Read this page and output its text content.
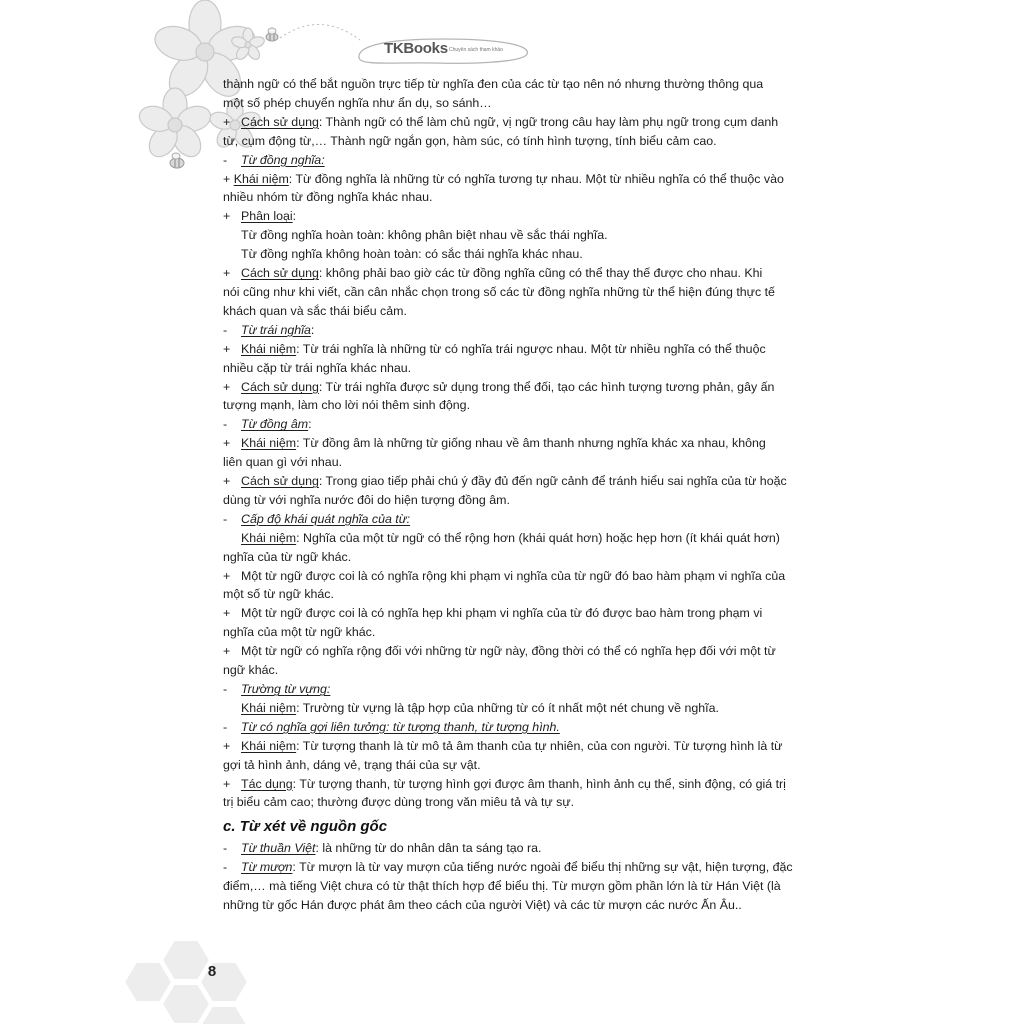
TKBooks Chuyên sách tham khảo
thành ngữ có thể bắt nguồn trực tiếp từ nghĩa đen của các từ tạo nên nó nhưng thường thông qua
một số phép chuyển nghĩa như ẩn dụ, so sánh…
+ Cách sử dụng: Thành ngữ có thể làm chủ ngữ, vị ngữ trong câu hay làm phụ ngữ trong cụm danh
từ, cụm động từ,… Thành ngữ ngắn gọn, hàm súc, có tính hình tượng, tính biểu cảm cao.
- Từ đồng nghĩa:
+ Khái niệm: Từ đồng nghĩa là những từ có nghĩa tương tự nhau. Một từ nhiều nghĩa có thể thuộc vào
nhiều nhóm từ đồng nghĩa khác nhau.
+ Phân loại:
Từ đồng nghĩa hoàn toàn: không phân biệt nhau về sắc thái nghĩa.
Từ đồng nghĩa không hoàn toàn: có sắc thái nghĩa khác nhau.
+ Cách sử dụng: không phải bao giờ các từ đồng nghĩa cũng có thể thay thế được cho nhau. Khi
nói cũng như khi viết, cần cân nhắc chọn trong số các từ đồng nghĩa những từ thể hiện đúng thực tế
khách quan và sắc thái biểu cảm.
- Từ trái nghĩa:
+ Khái niệm: Từ trái nghĩa là những từ có nghĩa trái ngược nhau. Một từ nhiều nghĩa có thể thuộc
nhiều cặp từ trái nghĩa khác nhau.
+ Cách sử dụng: Từ trái nghĩa được sử dụng trong thể đối, tạo các hình tượng tương phản, gây ấn
tượng mạnh, làm cho lời nói thêm sinh động.
- Từ đồng âm:
+ Khái niệm: Từ đồng âm là những từ giống nhau về âm thanh nhưng nghĩa khác xa nhau, không
liên quan gì với nhau.
+ Cách sử dụng: Trong giao tiếp phải chú ý đầy đủ đến ngữ cảnh để tránh hiểu sai nghĩa của từ hoặc
dùng từ với nghĩa nước đôi do hiện tượng đồng âm.
- Cấp độ khái quát nghĩa của từ:
Khái niệm: Nghĩa của một từ ngữ có thể rộng hơn (khái quát hơn) hoặc hẹp hơn (ít khái quát hơn)
nghĩa của từ ngữ khác.
+ Một từ ngữ được coi là có nghĩa rộng khi phạm vi nghĩa của từ ngữ đó bao hàm phạm vi nghĩa của
một số từ ngữ khác.
+ Một từ ngữ được coi là có nghĩa hẹp khi phạm vi nghĩa của từ đó được bao hàm trong phạm vi
nghĩa của một từ ngữ khác.
+ Một từ ngữ có nghĩa rộng đối với những từ ngữ này, đồng thời có thể có nghĩa hẹp đối với một từ
ngữ khác.
- Trường từ vựng:
Khái niệm: Trường từ vựng là tập hợp của những từ có ít nhất một nét chung về nghĩa.
- Từ có nghĩa gợi liên tưởng: từ tượng thanh, từ tượng hình.
+ Khái niệm: Từ tượng thanh là từ mô tả âm thanh của tự nhiên, của con người. Từ tượng hình là từ
gợi tả hình ảnh, dáng vẻ, trạng thái của sự vật.
+ Tác dụng: Từ tượng thanh, từ tượng hình gợi được âm thanh, hình ảnh cụ thể, sinh động, có giá trị
trị biểu cảm cao; thường được dùng trong văn miêu tả và tự sự.
c. Từ xét về nguồn gốc
- Từ thuần Việt: là những từ do nhân dân ta sáng tạo ra.
- Từ mượn: Từ mượn là từ vay mượn của tiếng nước ngoài để biểu thị những sự vật, hiện tượng, đặc
điểm,… mà tiếng Việt chưa có từ thật thích hợp để biểu thị. Từ mượn gồm phần lớn là từ Hán Việt (là
những từ gốc Hán được phát âm theo cách của người Việt) và các từ mượn các nước Ấn Âu..
8
